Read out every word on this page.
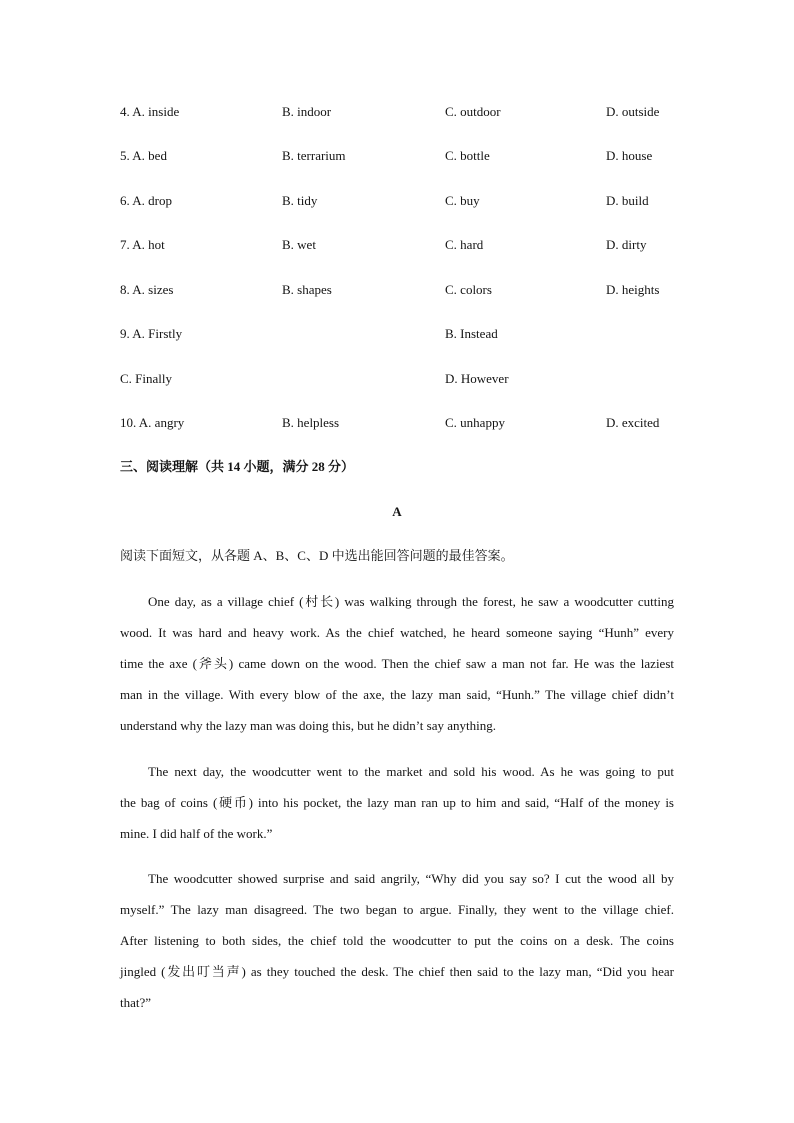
4. A. inside	B. indoor	C. outdoor	D. outside
5. A. bed	B. terrarium	C. bottle	D. house
6. A. drop	B. tidy	C. buy	D. build
7. A. hot	B. wet	C. hard	D. dirty
8. A. sizes	B. shapes	C. colors	D. heights
9. A. Firstly	B. Instead
C. Finally	D. However
10. A. angry	B. helpless	C. unhappy	D. excited
三、阅读理解（共 14 小题，满分 28 分）
A
阅读下面短文，从各题 A、B、C、D 中选出能回答问题的最佳答案。
One day, as a village chief (村长) was walking through the forest, he saw a woodcutter cutting
wood. It was hard and heavy work. As the chief watched, he heard someone saying “Hunh” every
time the axe (斧头) came down on the wood. Then the chief saw a man not far. He was the laziest
man in the village. With every blow of the axe, the lazy man said, “Hunh.” The village chief didn’t
understand why the lazy man was doing this, but he didn’t say anything.
The next day, the woodcutter went to the market and sold his wood. As he was going to put
the bag of coins (硬币) into his pocket, the lazy man ran up to him and said, “Half of the money is
mine. I did half of the work.”
The woodcutter showed surprise and said angrily, “Why did you say so? I cut the wood all by
myself.” The lazy man disagreed. The two began to argue. Finally, they went to the village chief.
After listening to both sides, the chief told the woodcutter to put the coins on a desk. The coins
jingled (发出叮当声) as they touched the desk. The chief then said to the lazy man, “Did you hear
that?”
